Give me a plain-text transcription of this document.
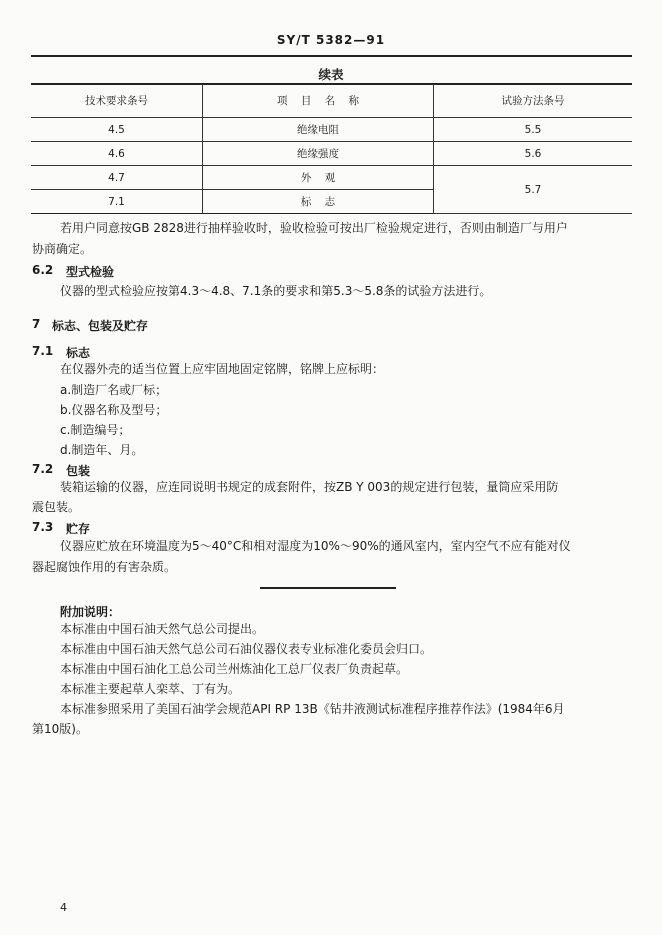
SY/T 5382—91
续表
技术要求条号	项    目    名    称	试验方法条号
4.5	绝缘电阻	5.5
4.6	绝缘强度	5.6
4.7	外    观	5.7
7.1	标    志	
若用户同意按GB 2828进行抽样验收时，验收检验可按出厂检验规定进行，否则由制造厂与用户
协商确定。
6.2 型式检验
仪器的型式检验应按第4.3～4.8、7.1条的要求和第5.3～5.8条的试验方法进行。
7 标志、包装及贮存
7.1 标志
在仪器外壳的适当位置上应牢固地固定铭牌，铭牌上应标明：
a.制造厂名或厂标；
b.仪器名称及型号；
c.制造编号；
d.制造年、月。
7.2 包装
装箱运输的仪器，应连同说明书规定的成套附件，按ZB Y 003的规定进行包装，量筒应采用防
震包装。
7.3 贮存
仪器应贮放在环境温度为5～40°C和相对湿度为10%～90%的通风室内，室内空气不应有能对仪
器起腐蚀作用的有害杂质。
附加说明：
本标准由中国石油天然气总公司提出。
本标准由中国石油天然气总公司石油仪器仪表专业标准化委员会归口。
本标准由中国石油化工总公司兰州炼油化工总厂仪表厂负责起草。
本标准主要起草人栾萃、丁有为。
本标准参照采用了美国石油学会规范API RP 13B《钻井液测试标准程序推荐作法》(1984年6月
第10版)。
4
